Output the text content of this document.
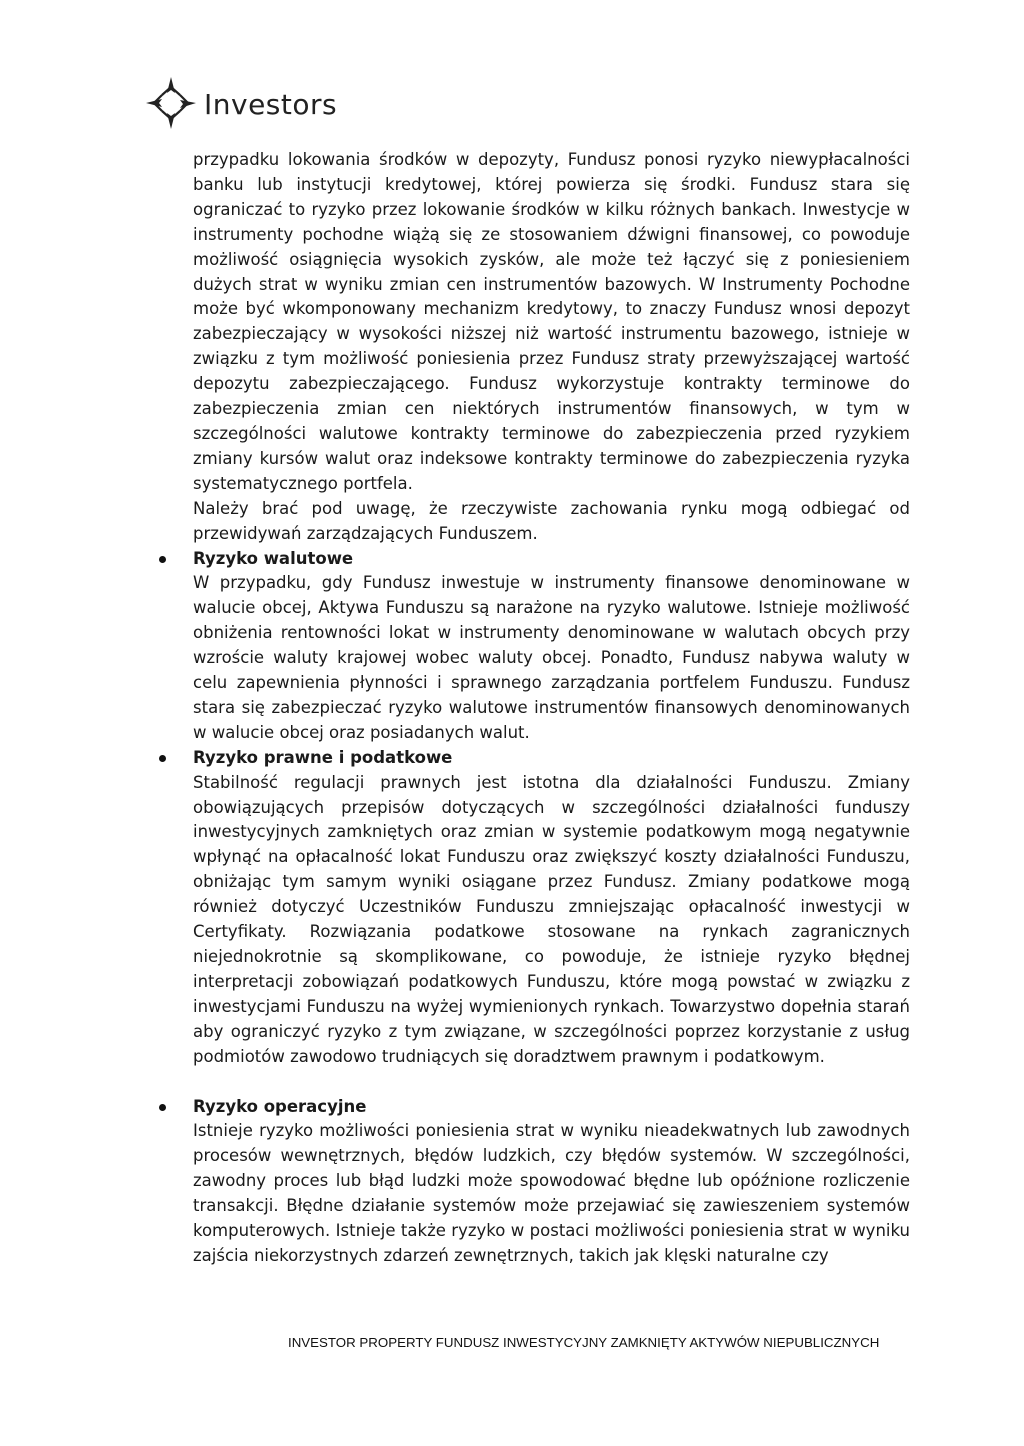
Investors

przypadku lokowania środków w depozyty, Fundusz ponosi ryzyko niewypłacalności banku lub instytucji kredytowej, której powierza się środki. Fundusz stara się ograniczać to ryzyko przez lokowanie środków w kilku różnych bankach. Inwestycje w instrumenty pochodne wiążą się ze stosowaniem dźwigni finansowej, co powoduje możliwość osiągnięcia wysokich zysków, ale może też łączyć się z poniesieniem dużych strat w wyniku zmian cen instrumentów bazowych. W Instrumenty Pochodne może być wkomponowany mechanizm kredytowy, to znaczy Fundusz wnosi depozyt zabezpieczający w wysokości niższej niż wartość instrumentu bazowego, istnieje w związku z tym możliwość poniesienia przez Fundusz straty przewyższającej wartość depozytu zabezpieczającego. Fundusz wykorzystuje kontrakty terminowe do zabezpieczenia zmian cen niektórych instrumentów finansowych, w tym w szczególności walutowe kontrakty terminowe do zabezpieczenia przed ryzykiem zmiany kursów walut oraz indeksowe kontrakty terminowe do zabezpieczenia ryzyka systematycznego portfela.

Należy brać pod uwagę, że rzeczywiste zachowania rynku mogą odbiegać od przewidywań zarządzających Funduszem.

Ryzyko walutowe

W przypadku, gdy Fundusz inwestuje w instrumenty finansowe denominowane w walucie obcej, Aktywa Funduszu są narażone na ryzyko walutowe. Istnieje możliwość obniżenia rentowności lokat w instrumenty denominowane w walutach obcych przy wzroście waluty krajowej wobec waluty obcej. Ponadto, Fundusz nabywa waluty w celu zapewnienia płynności i sprawnego zarządzania portfelem Funduszu. Fundusz stara się zabezpieczać ryzyko walutowe instrumentów finansowych denominowanych w walucie obcej oraz posiadanych walut.

Ryzyko prawne i podatkowe

Stabilność regulacji prawnych jest istotna dla działalności Funduszu. Zmiany obowiązujących przepisów dotyczących w szczególności działalności funduszy inwestycyjnych zamkniętych oraz zmian w systemie podatkowym mogą negatywnie wpłynąć na opłacalność lokat Funduszu oraz zwiększyć koszty działalności Funduszu, obniżając tym samym wyniki osiągane przez Fundusz. Zmiany podatkowe mogą również dotyczyć Uczestników Funduszu zmniejszając opłacalność inwestycji w Certyfikaty. Rozwiązania podatkowe stosowane na rynkach zagranicznych niejednokrotnie są skomplikowane, co powoduje, że istnieje ryzyko błędnej interpretacji zobowiązań podatkowych Funduszu, które mogą powstać w związku z inwestycjami Funduszu na wyżej wymienionych rynkach. Towarzystwo dopełnia starań aby ograniczyć ryzyko z tym związane, w szczególności poprzez korzystanie z usług podmiotów zawodowo trudniących się doradztwem prawnym i podatkowym.

Ryzyko operacyjne

Istnieje ryzyko możliwości poniesienia strat w wyniku nieadekwatnych lub zawodnych procesów wewnętrznych, błędów ludzkich, czy błędów systemów. W szczególności, zawodny proces lub błąd ludzki może spowodować błędne lub opóźnione rozliczenie transakcji. Błędne działanie systemów może przejawiać się zawieszeniem systemów komputerowych. Istnieje także ryzyko w postaci możliwości poniesienia strat w wyniku zajścia niekorzystnych zdarzeń zewnętrznych, takich jak klęski naturalne czy

INVESTOR PROPERTY FUNDUSZ INWESTYCYJNY ZAMKNIĘTY AKTYWÓW NIEPUBLICZNYCH
